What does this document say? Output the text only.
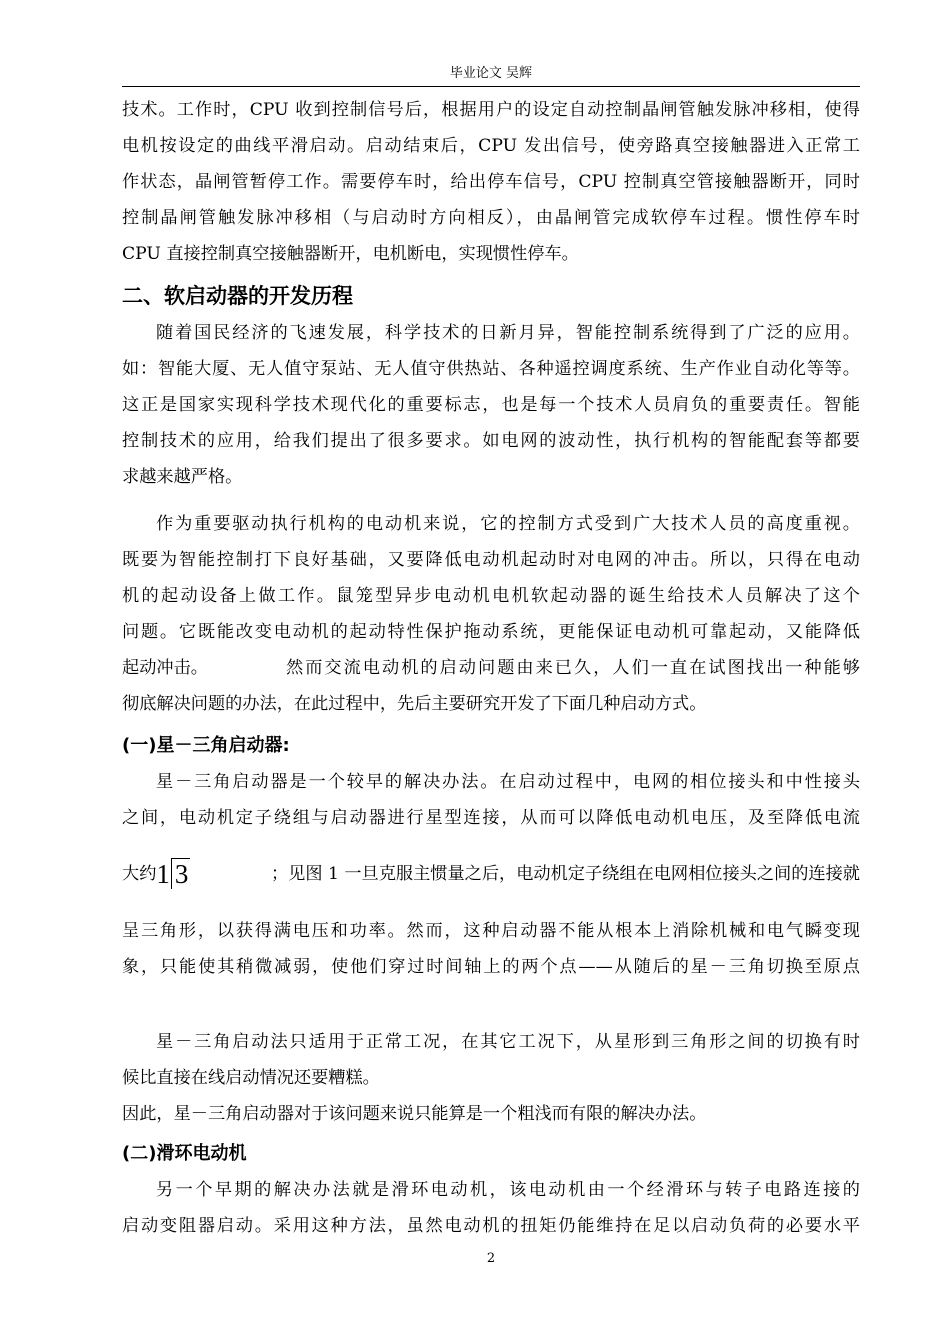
毕业论文 吴辉
技术。工作时，CPU 收到控制信号后，根据用户的设定自动控制晶闸管触发脉冲移相，使得
电机按设定的曲线平滑启动。启动结束后，CPU 发出信号，使旁路真空接触器进入正常工
作状态，晶闸管暂停工作。需要停车时，给出停车信号，CPU 控制真空管接触器断开，同时
控制晶闸管触发脉冲移相（与启动时方向相反），由晶闸管完成软停车过程。惯性停车时
CPU 直接控制真空接触器断开，电机断电，实现惯性停车。
二、软启动器的开发历程
随着国民经济的飞速发展，科学技术的日新月异，智能控制系统得到了广泛的应用。
如：智能大厦、无人值守泵站、无人值守供热站、各种遥控调度系统、生产作业自动化等等。
这正是国家实现科学技术现代化的重要标志，也是每一个技术人员肩负的重要责任。智能
控制技术的应用，给我们提出了很多要求。如电网的波动性，执行机构的智能配套等都要
求越来越严格。
作为重要驱动执行机构的电动机来说，它的控制方式受到广大技术人员的高度重视。
既要为智能控制打下良好基础，又要降低电动机起动时对电网的冲击。所以，只得在电动
机的起动设备上做工作。鼠笼型异步电动机电机软起动器的诞生给技术人员解决了这个
问题。它既能改变电动机的起动特性保护拖动系统，更能保证电动机可靠起动，又能降低
起动冲击。	然而交流电动机的启动问题由来已久，人们一直在试图找出一种能够
彻底解决问题的办法，在此过程中，先后主要研究开发了下面几种启动方式。
(一)星－三角启动器:
星－三角启动器是一个较早的解决办法。在启动过程中，电网的相位接头和中性接头
之间，电动机定子绕组与启动器进行星型连接，从而可以降低电动机电压，及至降低电流
大约 1 3	；见图 1 一旦克服主惯量之后，电动机定子绕组在电网相位接头之间的连接就
呈三角形，以获得满电压和功率。然而，这种启动器不能从根本上消除机械和电气瞬变现
象，只能使其稍微减弱，使他们穿过时间轴上的两个点——从随后的星－三角切换至原点
星－三角启动法只适用于正常工况，在其它工况下，从星形到三角形之间的切换有时
候比直接在线启动情况还要糟糕。
因此，星－三角启动器对于该问题来说只能算是一个粗浅而有限的解决办法。
(二)滑环电动机
另一个早期的解决办法就是滑环电动机，该电动机由一个经滑环与转子电路连接的
启动变阻器启动。采用这种方法，虽然电动机的扭矩仍能维持在足以启动负荷的必要水平
2
